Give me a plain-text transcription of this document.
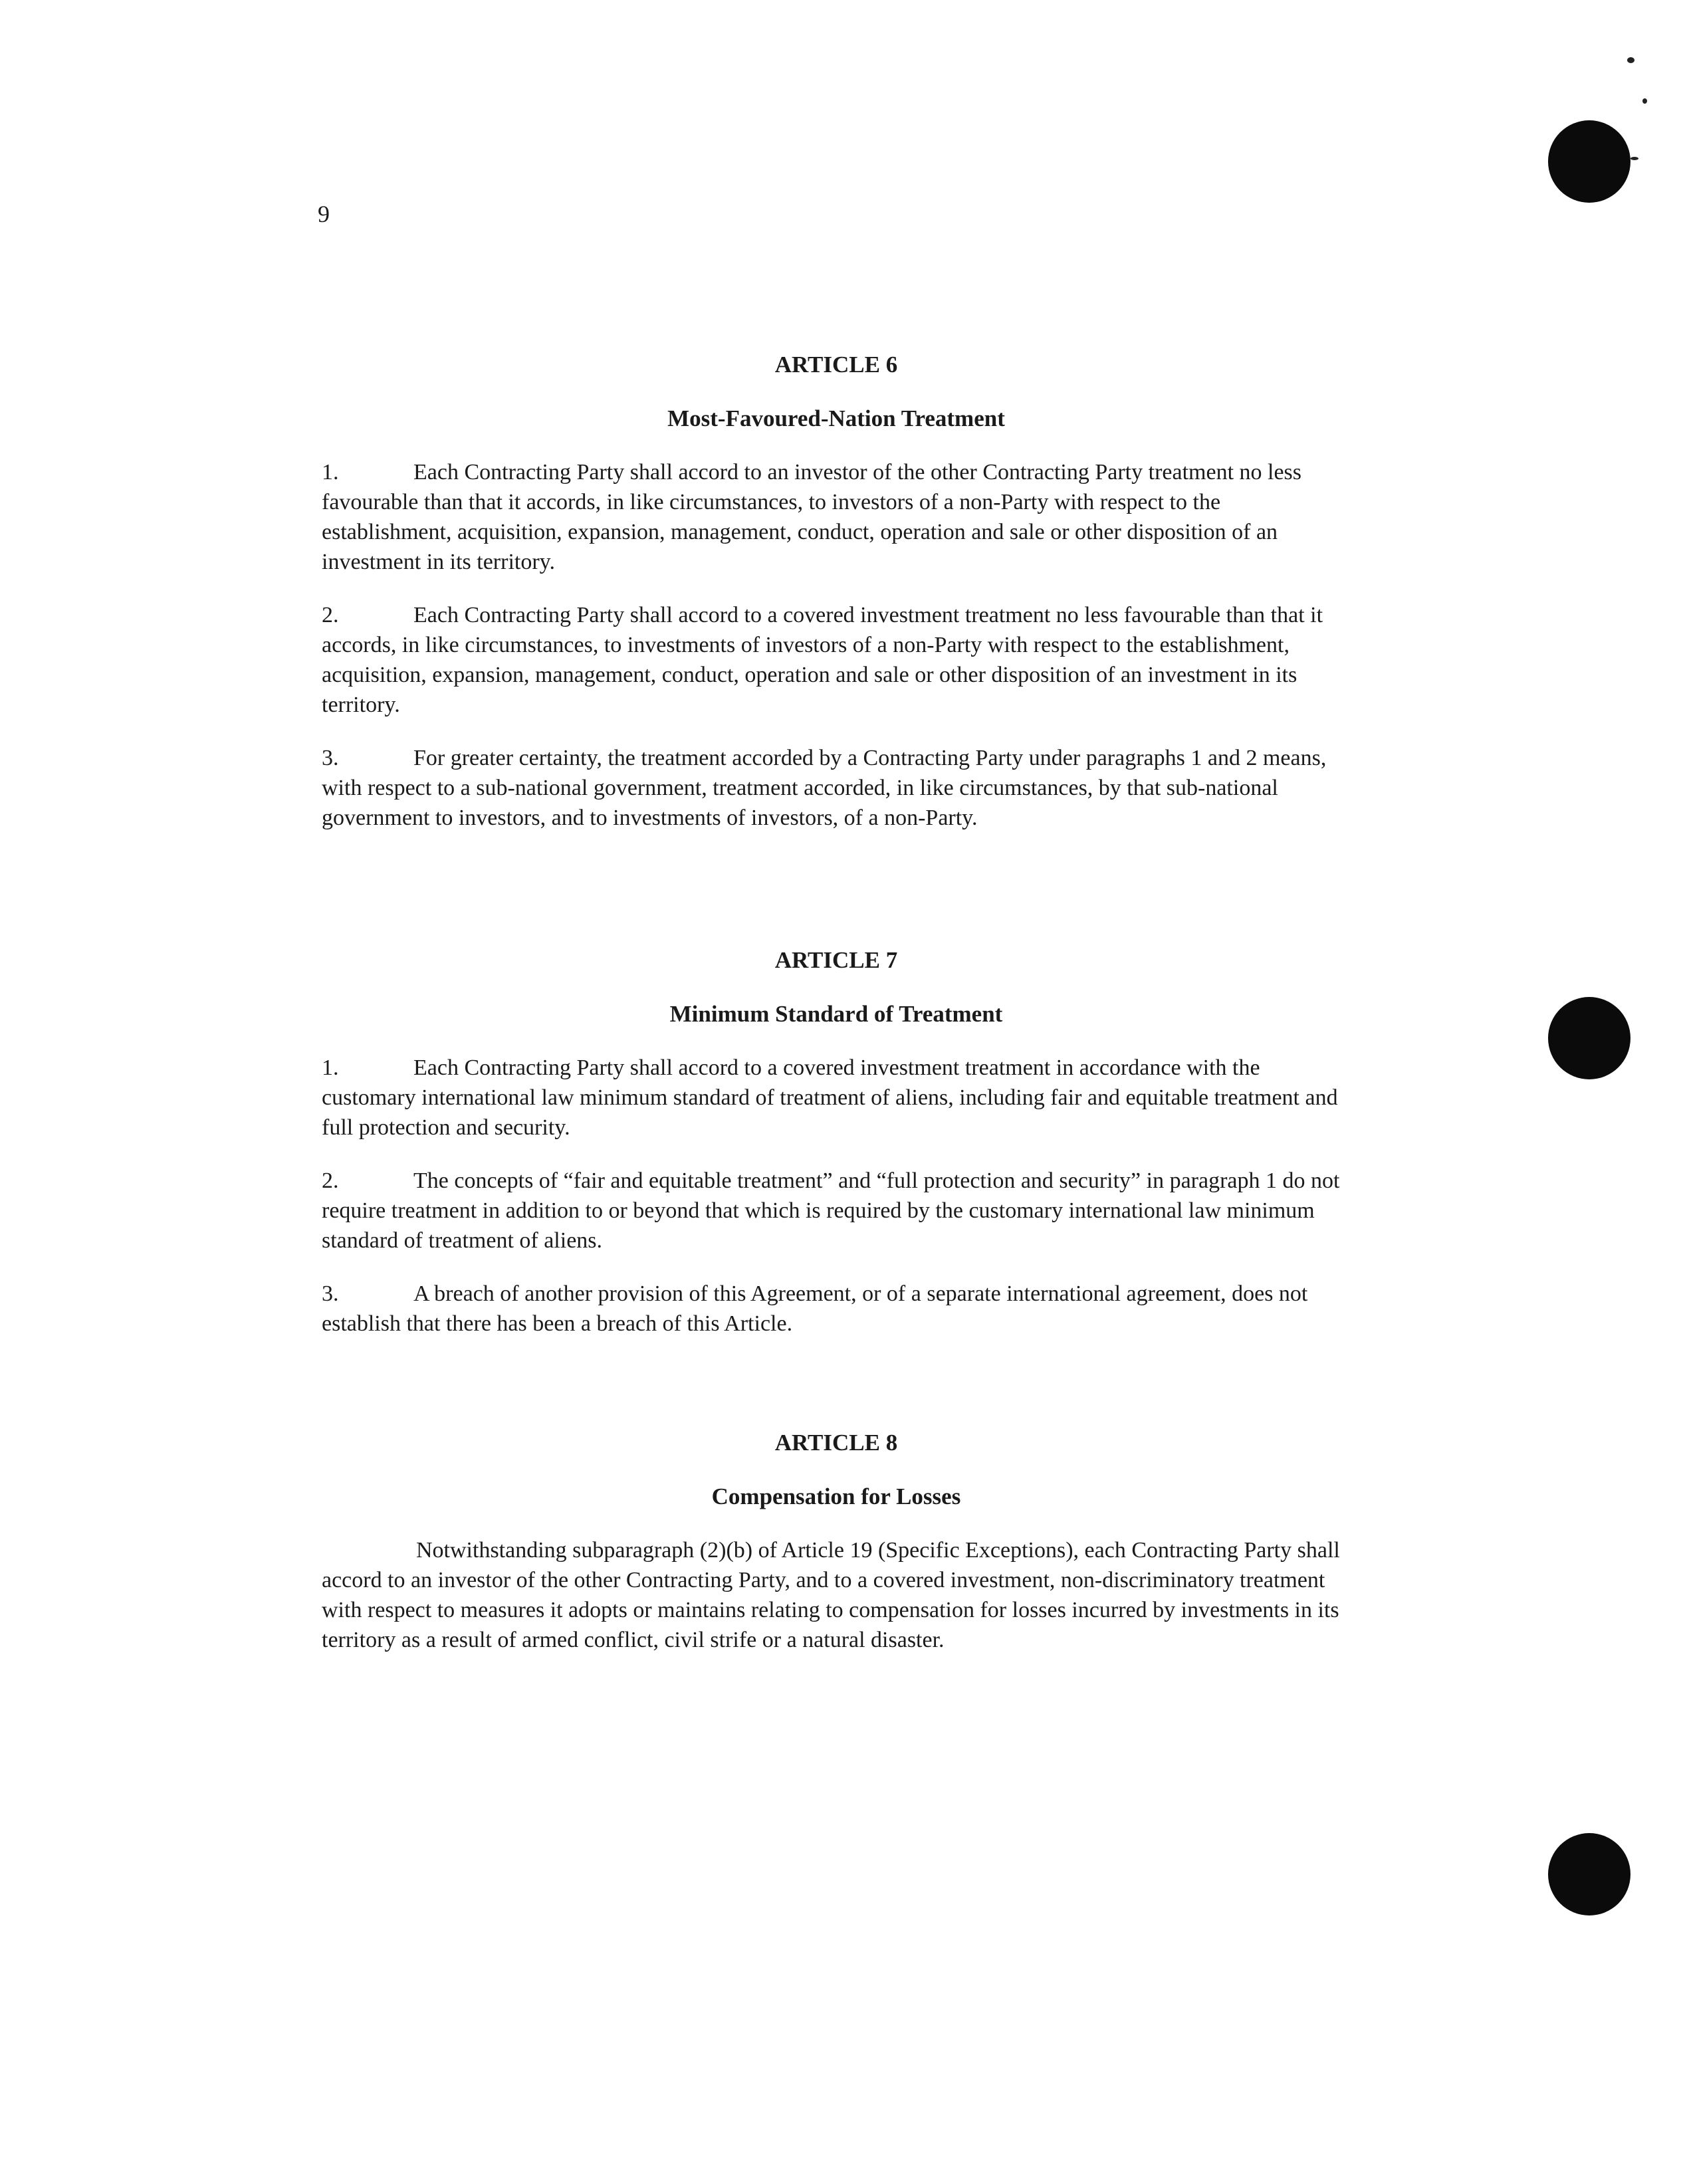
9
ARTICLE 6
Most-Favoured-Nation Treatment

1.	Each Contracting Party shall accord to an investor of the other Contracting Party treatment no less favourable than that it accords, in like circumstances, to investors of a non-Party with respect to the establishment, acquisition, expansion, management, conduct, operation and sale or other disposition of an investment in its territory.

2.	Each Contracting Party shall accord to a covered investment treatment no less favourable than that it accords, in like circumstances, to investments of investors of a non-Party with respect to the establishment, acquisition, expansion, management, conduct, operation and sale or other disposition of an investment in its territory.

3.	For greater certainty, the treatment accorded by a Contracting Party under paragraphs 1 and 2 means, with respect to a sub-national government, treatment accorded, in like circumstances, by that sub-national government to investors, and to investments of investors, of a non-Party.

ARTICLE 7
Minimum Standard of Treatment

1.	Each Contracting Party shall accord to a covered investment treatment in accordance with the customary international law minimum standard of treatment of aliens, including fair and equitable treatment and full protection and security.

2.	The concepts of “fair and equitable treatment” and “full protection and security” in paragraph 1 do not require treatment in addition to or beyond that which is required by the customary international law minimum standard of treatment of aliens.

3.	A breach of another provision of this Agreement, or of a separate international agreement, does not establish that there has been a breach of this Article.

ARTICLE 8
Compensation for Losses

Notwithstanding subparagraph (2)(b) of Article 19 (Specific Exceptions), each Contracting Party shall accord to an investor of the other Contracting Party, and to a covered investment, non-discriminatory treatment with respect to measures it adopts or maintains relating to compensation for losses incurred by investments in its territory as a result of armed conflict, civil strife or a natural disaster.
